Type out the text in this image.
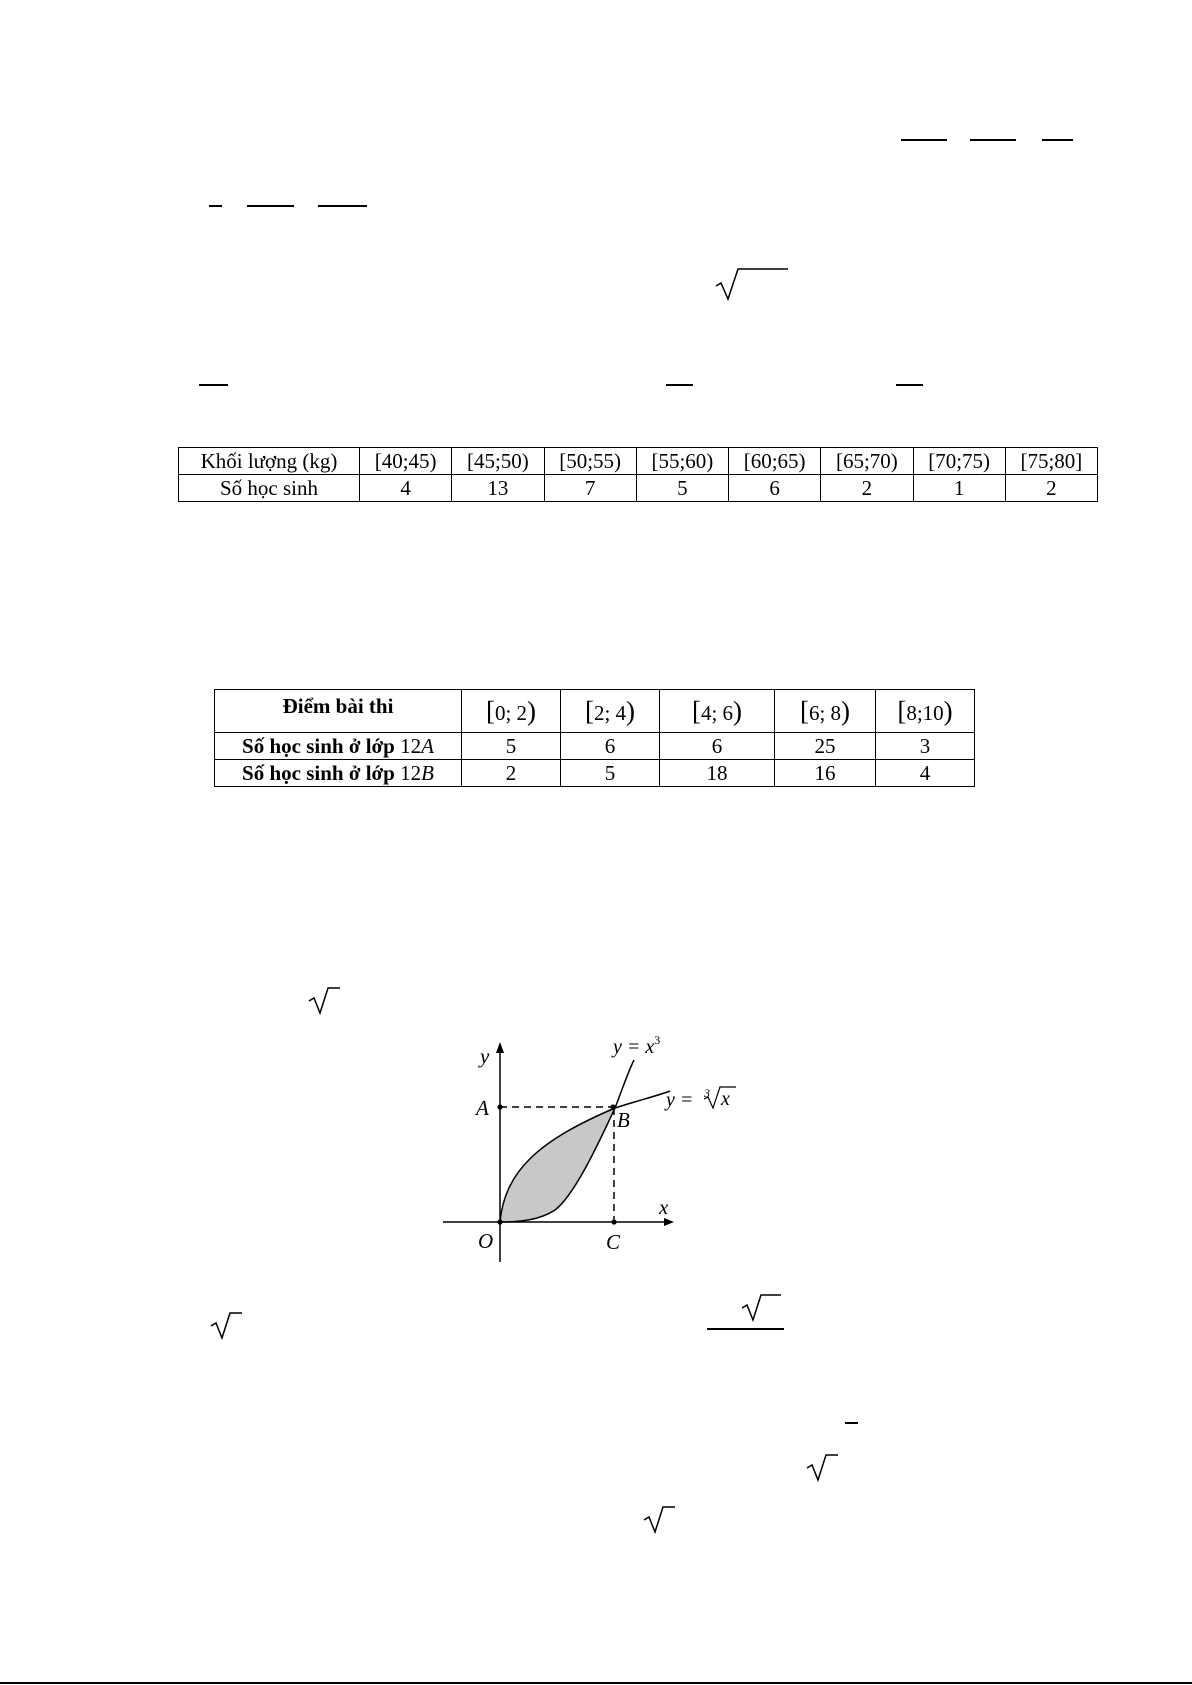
Khối lượng (kg)	[40;45)	[45;50)	[50;55)	[55;60)	[60;65)	[65;70)	[70;75)	[75;80]
Số học sinh	4	13	7	5	6	2	1	2
Điểm bài thi	[0; 2)	[2; 4)	[4; 6)	[6; 8)	[8;10)
Số học sinh ở lớp 12A	5	6	6	25	3
Số học sinh ở lớp 12B	2	5	18	16	4
y
x
A	B
C
O
$y = x^3$
y = 3 x
